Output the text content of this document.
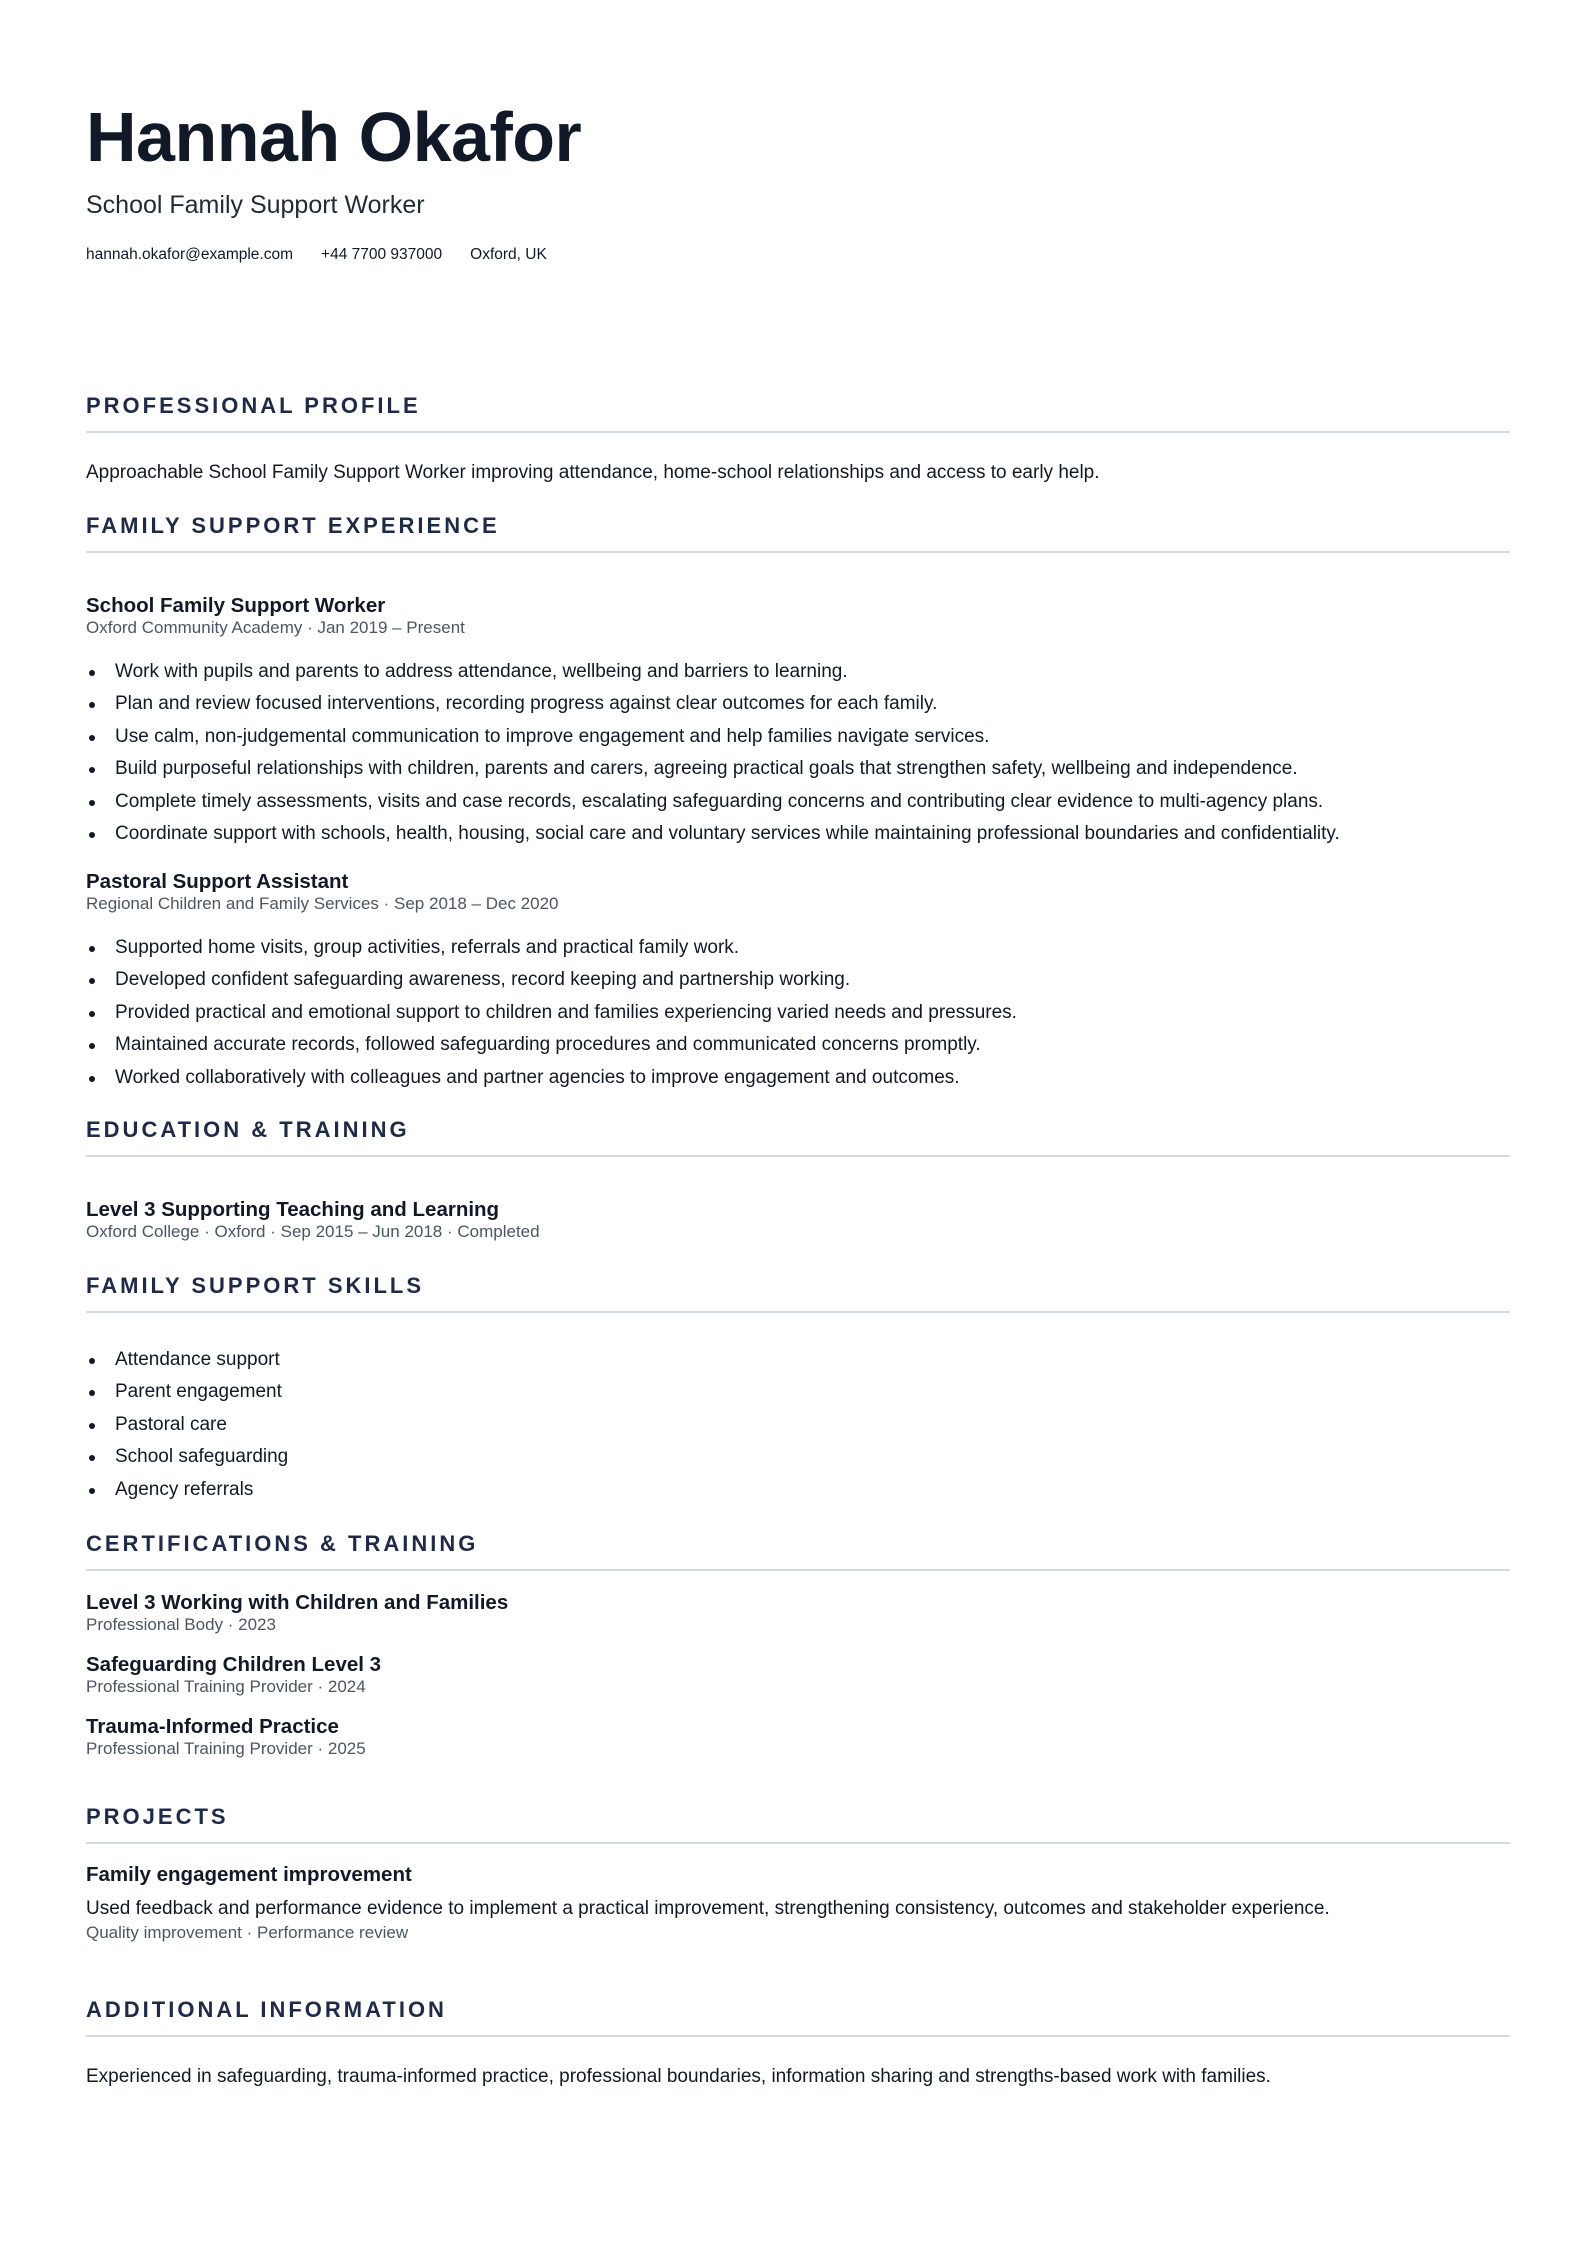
Hannah Okafor
School Family Support Worker
hannah.okafor@example.com +44 7700 937000 Oxford, UK
PROFESSIONAL PROFILE
Approachable School Family Support Worker improving attendance, home-school relationships and access to early help.
FAMILY SUPPORT EXPERIENCE
School Family Support Worker
Oxford Community Academy · Jan 2019 – Present
Work with pupils and parents to address attendance, wellbeing and barriers to learning.
Plan and review focused interventions, recording progress against clear outcomes for each family.
Use calm, non-judgemental communication to improve engagement and help families navigate services.
Build purposeful relationships with children, parents and carers, agreeing practical goals that strengthen safety, wellbeing and independence.
Complete timely assessments, visits and case records, escalating safeguarding concerns and contributing clear evidence to multi-agency plans.
Coordinate support with schools, health, housing, social care and voluntary services while maintaining professional boundaries and confidentiality.
Pastoral Support Assistant
Regional Children and Family Services · Sep 2018 – Dec 2020
Supported home visits, group activities, referrals and practical family work.
Developed confident safeguarding awareness, record keeping and partnership working.
Provided practical and emotional support to children and families experiencing varied needs and pressures.
Maintained accurate records, followed safeguarding procedures and communicated concerns promptly.
Worked collaboratively with colleagues and partner agencies to improve engagement and outcomes.
EDUCATION & TRAINING
Level 3 Supporting Teaching and Learning
Oxford College · Oxford · Sep 2015 – Jun 2018 · Completed
FAMILY SUPPORT SKILLS
Attendance support
Parent engagement
Pastoral care
School safeguarding
Agency referrals
CERTIFICATIONS & TRAINING
Level 3 Working with Children and Families
Professional Body · 2023
Safeguarding Children Level 3
Professional Training Provider · 2024
Trauma-Informed Practice
Professional Training Provider · 2025
PROJECTS
Family engagement improvement
Used feedback and performance evidence to implement a practical improvement, strengthening consistency, outcomes and stakeholder experience.
Quality improvement · Performance review
ADDITIONAL INFORMATION
Experienced in safeguarding, trauma-informed practice, professional boundaries, information sharing and strengths-based work with families.
